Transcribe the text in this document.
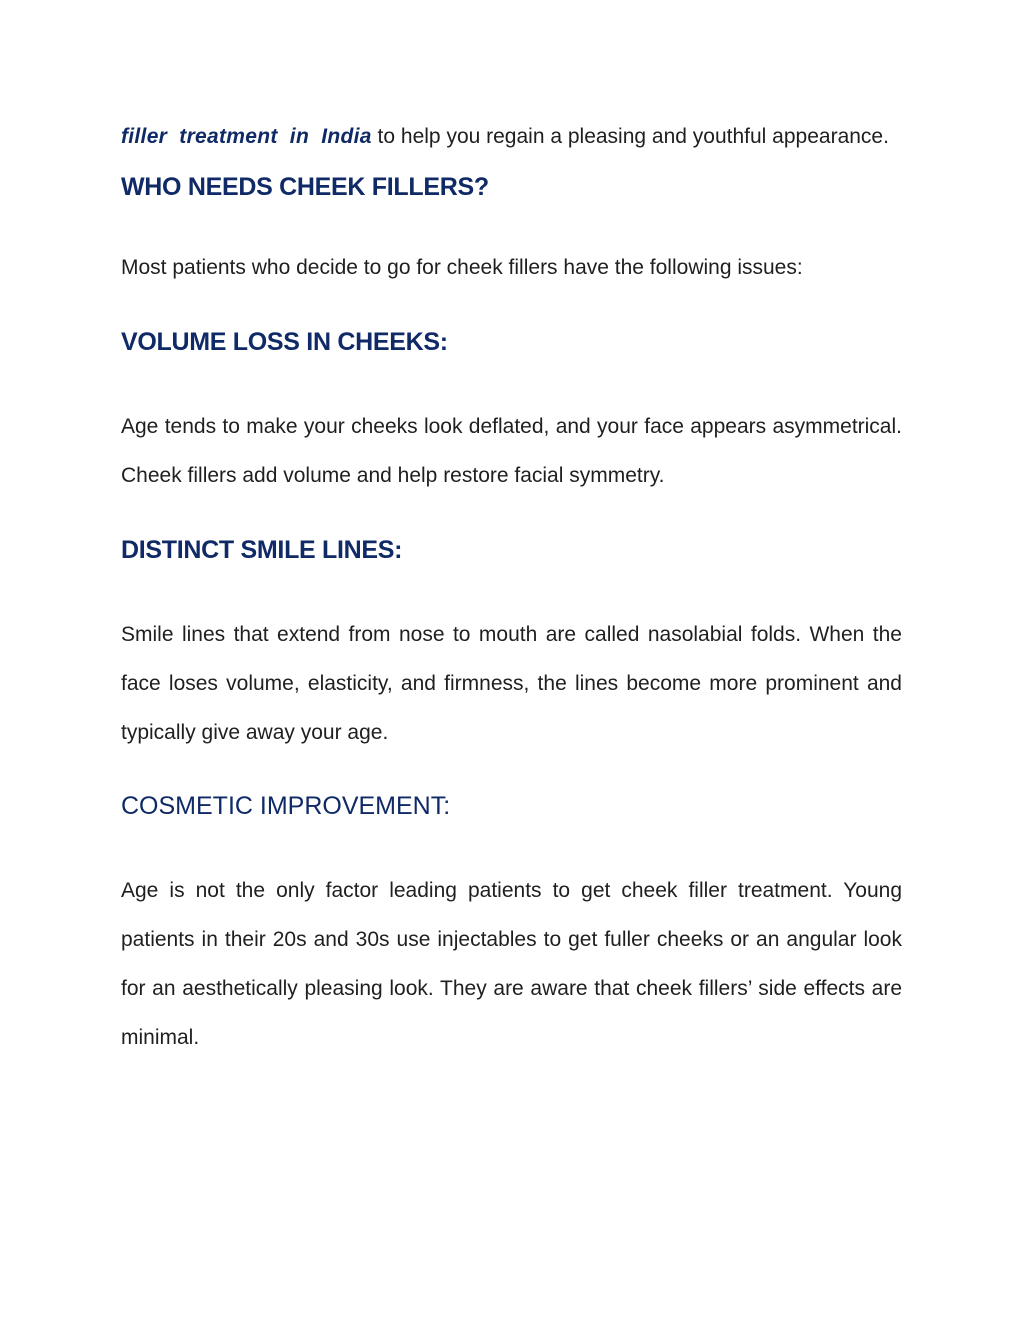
filler treatment in India to help you regain a pleasing and youthful appearance.

WHO NEEDS CHEEK FILLERS?

Most patients who decide to go for cheek fillers have the following issues:

VOLUME LOSS IN CHEEKS:

Age tends to make your cheeks look deflated, and your face appears asymmetrical. Cheek fillers add volume and help restore facial symmetry.

DISTINCT SMILE LINES:

Smile lines that extend from nose to mouth are called nasolabial folds. When the face loses volume, elasticity, and firmness, the lines become more prominent and typically give away your age.

COSMETIC IMPROVEMENT:

Age is not the only factor leading patients to get cheek filler treatment. Young patients in their 20s and 30s use injectables to get fuller cheeks or an angular look for an aesthetically pleasing look. They are aware that cheek fillers’ side effects are minimal.
